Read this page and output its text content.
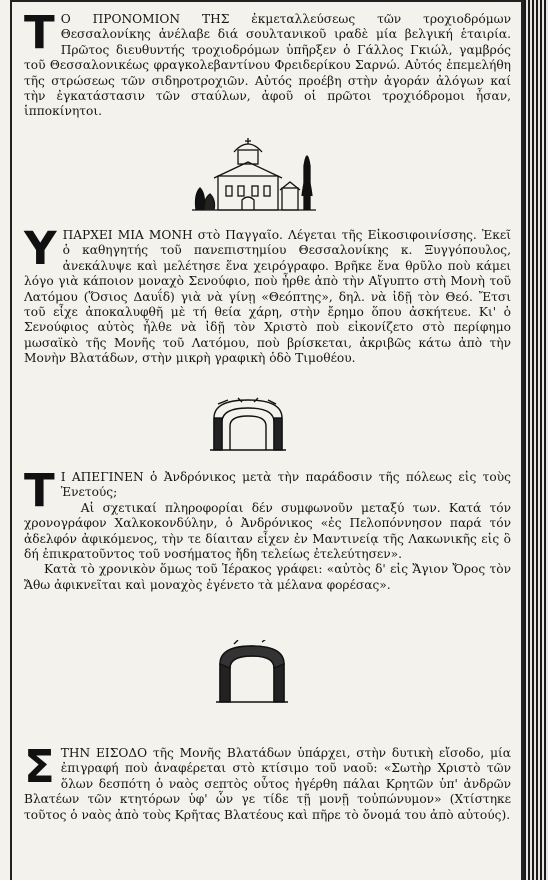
Τ Ο ΠΡΟΝΟΜΙΟΝ ΤΗΣ ἐκμεταλλεύσεως τῶν τροχιοδρόμων Θεσσαλονίκης ἀνέλαβε διά σουλτανικοῦ ιραδὲ μία βελγική ἑταιρία. Πρῶτος διευθυντής τροχιοδρόμων ὑπῆρξεν ὁ Γάλλος Γκιώλ, γαμβρός τοῦ Θεσσαλονικέως φραγκολεβαντίνου Φρειδερίκου Σαρνώ. Αὐτός ἐπεμελήθη τῆς στρώσεως τῶν σιδηροτροχιῶν. Αὐτός προέβη στὴν ἀγοράν ἀλόγων καί τὴν ἐγκατάστασιν τῶν σταύλων, ἀφοῦ οἱ πρῶτοι τροχιόδρομοι ἦσαν, ἱπποκίνητοι.

Υ ΠΑΡΧΕΙ ΜΙΑ ΜΟΝΗ στὸ Παγγαῖο. Λέγεται τῆς Εἰκοσιφοινίσσης. Ἐκεῖ ὁ καθηγητής τοῦ πανεπιστημίου Θεσσαλονίκης κ. Ξυγγόπουλος, ἀνεκάλυψε καὶ μελέτησε ἕνα χειρόγραφο. Βρῆκε ἕνα θρῦλο ποὺ κάμει λόγο γιὰ κάποιον μοναχὸ Σενούφιο, ποὺ ἦρθε ἀπὸ τὴν Αἴγυπτο στὴ Μονὴ τοῦ Λατόμου (Ὅσιος Δαυΐδ) γιὰ νὰ γίνῃ «Θεόπτης», δηλ. νὰ ἰδῇ τὸν Θεό. Ἔτσι τοῦ εἶχε ἀποκαλυφθῆ μὲ τή θεία χάρη, στὴν ἔρημο ὅπου ἀσκήτευε. Κι' ὁ Σενούφιος αὐτὸς ἦλθε νὰ ἰδῇ τὸν Χριστὸ ποὺ εἰκονίζετο στὸ περίφημο μωσαϊκὸ τῆς Μονῆς τοῦ Λατόμου, ποὺ βρίσκεται, ἀκριβῶς κάτω ἀπὸ τὴν Μονὴν Βλατάδων, στὴν μικρὴ γραφικὴ ὁδὸ Τιμοθέου.

Τ Ι ΑΠΕΓΙΝΕΝ ὁ Ἀνδρόνικος μετὰ τὴν παράδοσιν τῆς πόλεως εἰς τοὺς Ἐνετούς;

Αἱ σχετικαί πληροφορίαι δέν συμφωνοῦν μεταξύ των. Κατά τόν χρονογράφον Χαλκοκονδύλην, ὁ Ἀνδρόνικος «ἐς Πελοπόννησον παρά τόν ἀδελφόν ἀφικόμενος, τὴν τε δίαιταν εἶχεν ἐν Μαντινείᾳ τῆς Λακωνικῆς εἰς ὃ δή ἐπικρατοῦντος τοῦ νοσήματος ἤδη τελείως ἐτελεύτησεν».

Κατὰ τὸ χρονικὸν ὅμως τοῦ Ἱέρακος γράφει: «αὐτὸς δ' εἰς Ἄγιον Ὄρος τὸν Ἄθω ἀφικνεῖται καὶ μοναχὸς ἐγένετο τὰ μέλανα φορέσας».

Σ ΤΗΝ ΕΙΣΟΔΟ τῆς Μονῆς Βλατάδων ὑπάρχει, στὴν δυτικὴ εἴσοδο, μία ἐπιγραφή ποὺ ἀναφέρεται στὸ κτίσιμο τοῦ ναοῦ: «Σωτὴρ Χριστὸ τῶν ὅλων δεσπότη ὁ ναὸς σεπτὸς οὗτος ἠγέρθη πάλαι Κρητῶν ὑπ' ἀνδρῶν Βλατέων τῶν κτητόρων ὑφ' ὧν γε τίδε τῇ μονῇ τοὐπώνυμον» (Χτίστηκε τοῦτος ὁ ναὸς ἀπὸ τοὺς Κρῆτας Βλατέους καὶ πῆρε τὸ ὄνομά του ἀπὸ αὐτούς).
